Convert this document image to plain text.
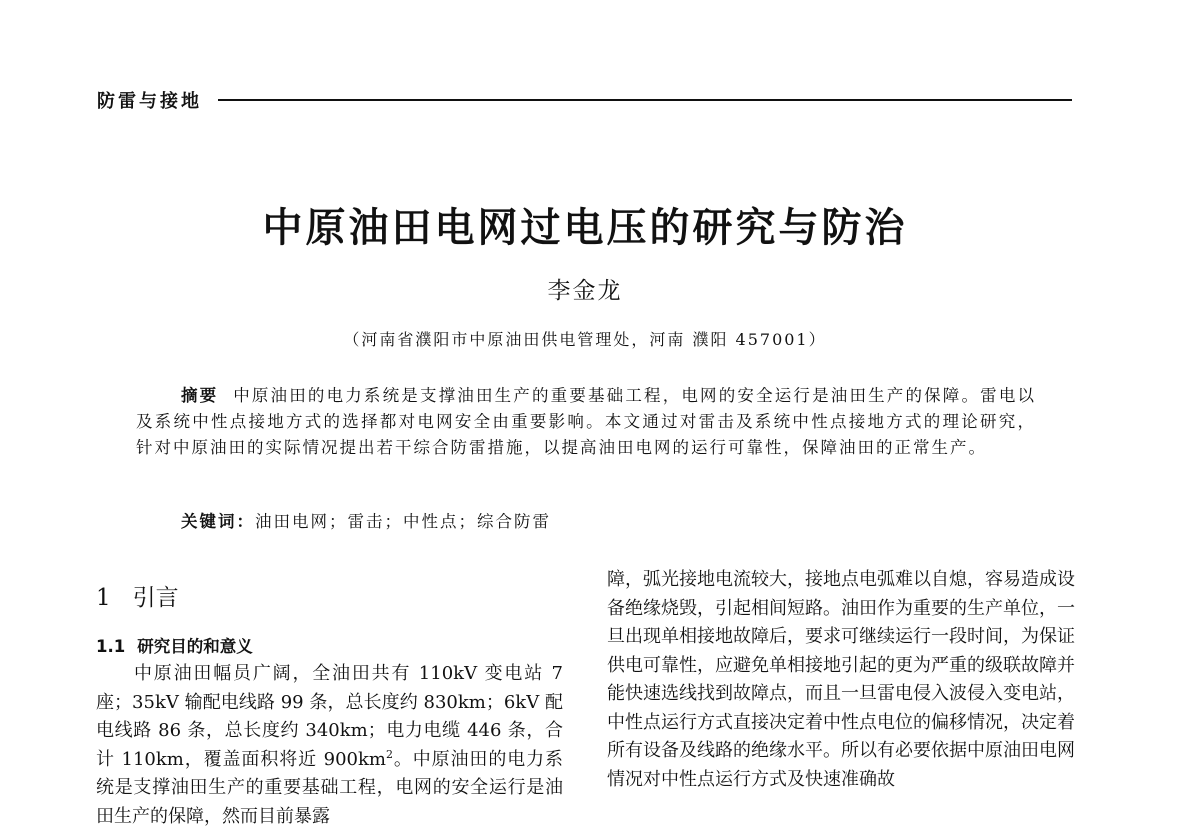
防雷与接地
中原油田电网过电压的研究与防治
李金龙
（河南省濮阳市中原油田供电管理处，河南 濮阳 457001）

摘要 中原油田的电力系统是支撑油田生产的重要基础工程，电网的安全运行是油田生产的保障。雷电以及系统中性点接地方式的选择都对电网安全由重要影响。本文通过对雷击及系统中性点接地方式的理论研究，针对中原油田的实际情况提出若干综合防雷措施，以提高油田电网的运行可靠性，保障油田的正常生产。

关键词：油田电网；雷击；中性点；综合防雷

1 引言
1.1 研究目的和意义

中原油田幅员广阔，全油田共有 110kV 变电站 7 座；35kV 输配电线路 99 条，总长度约 830km；6kV 配电线路 86 条，总长度约 340km；电力电缆 446 条，合计 110km，覆盖面积将近 $900km^2$。中原油田的电力系统是支撑油田生产的重要基础工程，电网的安全运行是油田生产的保障，然而目前暴露

障，弧光接地电流较大，接地点电弧难以自熄，容易造成设备绝缘烧毁，引起相间短路。油田作为重要的生产单位，一旦出现单相接地故障后，要求可继续运行一段时间，为保证供电可靠性，应避免单相接地引起的更为严重的级联故障并能快速选线找到故障点，而且一旦雷电侵入波侵入变电站，中性点运行方式直接决定着中性点电位的偏移情况，决定着所有设备及线路的绝缘水平。所以有必要依据中原油田电网情况对中性点运行方式及快速准确故
